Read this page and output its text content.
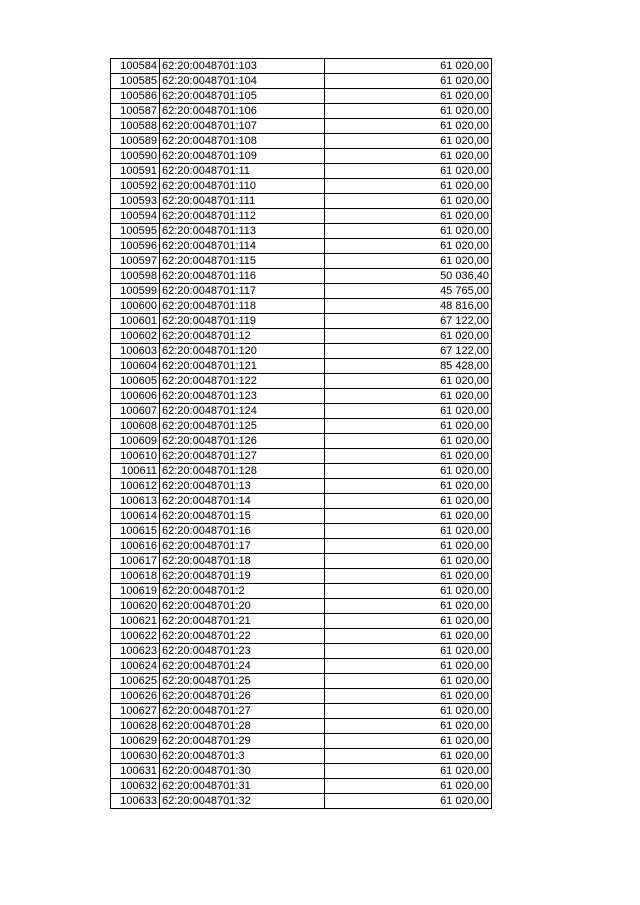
100584	62:20:0048701:103	61 020,00
100585	62:20:0048701:104	61 020,00
100586	62:20:0048701:105	61 020,00
100587	62:20:0048701:106	61 020,00
100588	62:20:0048701:107	61 020,00
100589	62:20:0048701:108	61 020,00
100590	62:20:0048701:109	61 020,00
100591	62:20:0048701:11	61 020,00
100592	62:20:0048701:110	61 020,00
100593	62:20:0048701:111	61 020,00
100594	62:20:0048701:112	61 020,00
100595	62:20:0048701:113	61 020,00
100596	62:20:0048701:114	61 020,00
100597	62:20:0048701:115	61 020,00
100598	62:20:0048701:116	50 036,40
100599	62:20:0048701:117	45 765,00
100600	62:20:0048701:118	48 816,00
100601	62:20:0048701:119	67 122,00
100602	62:20:0048701:12	61 020,00
100603	62:20:0048701:120	67 122,00
100604	62:20:0048701:121	85 428,00
100605	62:20:0048701:122	61 020,00
100606	62:20:0048701:123	61 020,00
100607	62:20:0048701:124	61 020,00
100608	62:20:0048701:125	61 020,00
100609	62:20:0048701:126	61 020,00
100610	62:20:0048701:127	61 020,00
100611	62:20:0048701:128	61 020,00
100612	62:20:0048701:13	61 020,00
100613	62:20:0048701:14	61 020,00
100614	62:20:0048701:15	61 020,00
100615	62:20:0048701:16	61 020,00
100616	62:20:0048701:17	61 020,00
100617	62:20:0048701:18	61 020,00
100618	62:20:0048701:19	61 020,00
100619	62:20:0048701:2	61 020,00
100620	62:20:0048701:20	61 020,00
100621	62:20:0048701:21	61 020,00
100622	62:20:0048701:22	61 020,00
100623	62:20:0048701:23	61 020,00
100624	62:20:0048701:24	61 020,00
100625	62:20:0048701:25	61 020,00
100626	62:20:0048701:26	61 020,00
100627	62:20:0048701:27	61 020,00
100628	62:20:0048701:28	61 020,00
100629	62:20:0048701:29	61 020,00
100630	62:20:0048701:3	61 020,00
100631	62:20:0048701:30	61 020,00
100632	62:20:0048701:31	61 020,00
100633	62:20:0048701:32	61 020,00
